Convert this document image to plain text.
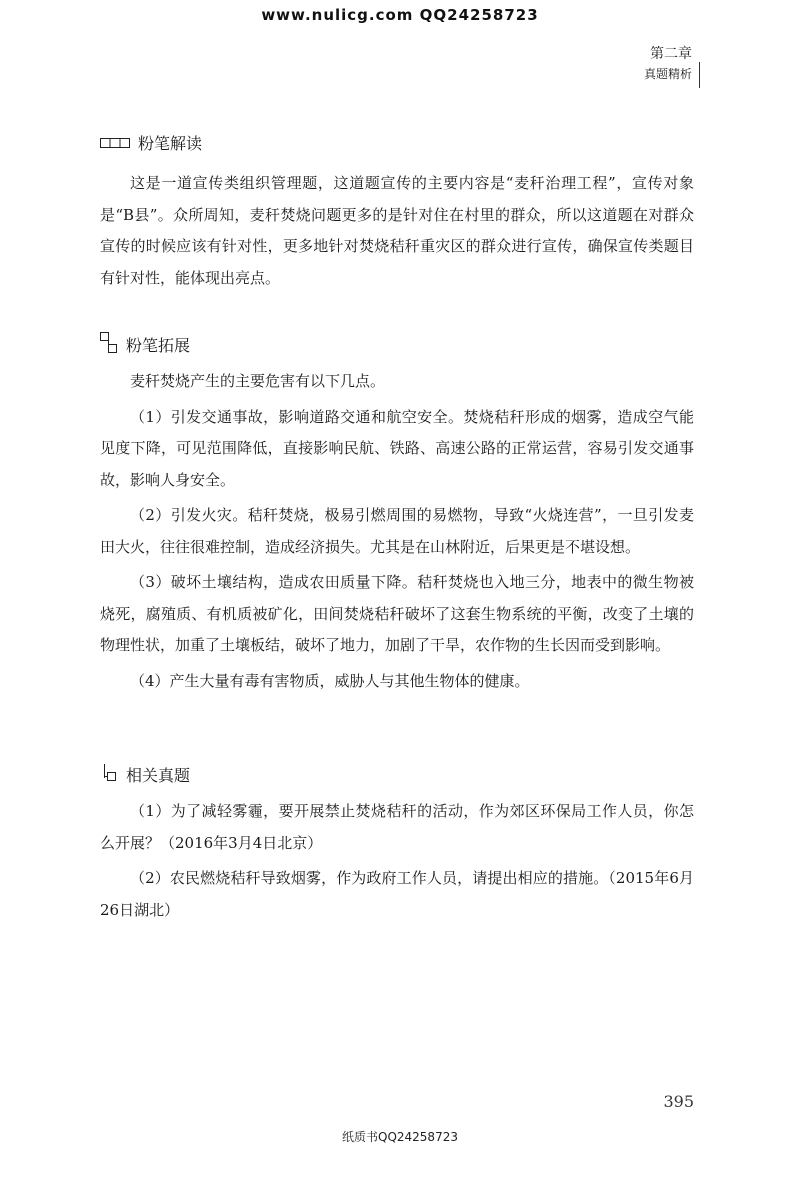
www.nulicg.com QQ24258723
第二章
真题精析
粉笔解读

这是一道宣传类组织管理题，这道题宣传的主要内容是“麦秆治理工程”，宣传对象是“B县”。众所周知，麦秆焚烧问题更多的是针对住在村里的群众，所以这道题在对群众宣传的时候应该有针对性，更多地针对焚烧秸秆重灾区的群众进行宣传，确保宣传类题目有针对性，能体现出亮点。

粉笔拓展

麦秆焚烧产生的主要危害有以下几点。

（1）引发交通事故，影响道路交通和航空安全。焚烧秸秆形成的烟雾，造成空气能见度下降，可见范围降低，直接影响民航、铁路、高速公路的正常运营，容易引发交通事故，影响人身安全。

（2）引发火灾。秸秆焚烧，极易引燃周围的易燃物，导致“火烧连营”，一旦引发麦田大火，往往很难控制，造成经济损失。尤其是在山林附近，后果更是不堪设想。

（3）破坏土壤结构，造成农田质量下降。秸秆焚烧也入地三分，地表中的微生物被烧死，腐殖质、有机质被矿化，田间焚烧秸秆破坏了这套生物系统的平衡，改变了土壤的物理性状，加重了土壤板结，破坏了地力，加剧了干旱，农作物的生长因而受到影响。

（4）产生大量有毒有害物质，威胁人与其他生物体的健康。

相关真题

（1）为了减轻雾霾，要开展禁止焚烧秸秆的活动，作为郊区环保局工作人员，你怎么开展？（2016年3月4日北京）

（2）农民燃烧秸秆导致烟雾，作为政府工作人员，请提出相应的措施。（2015年6月26日湖北）

395
纸质书QQ24258723
